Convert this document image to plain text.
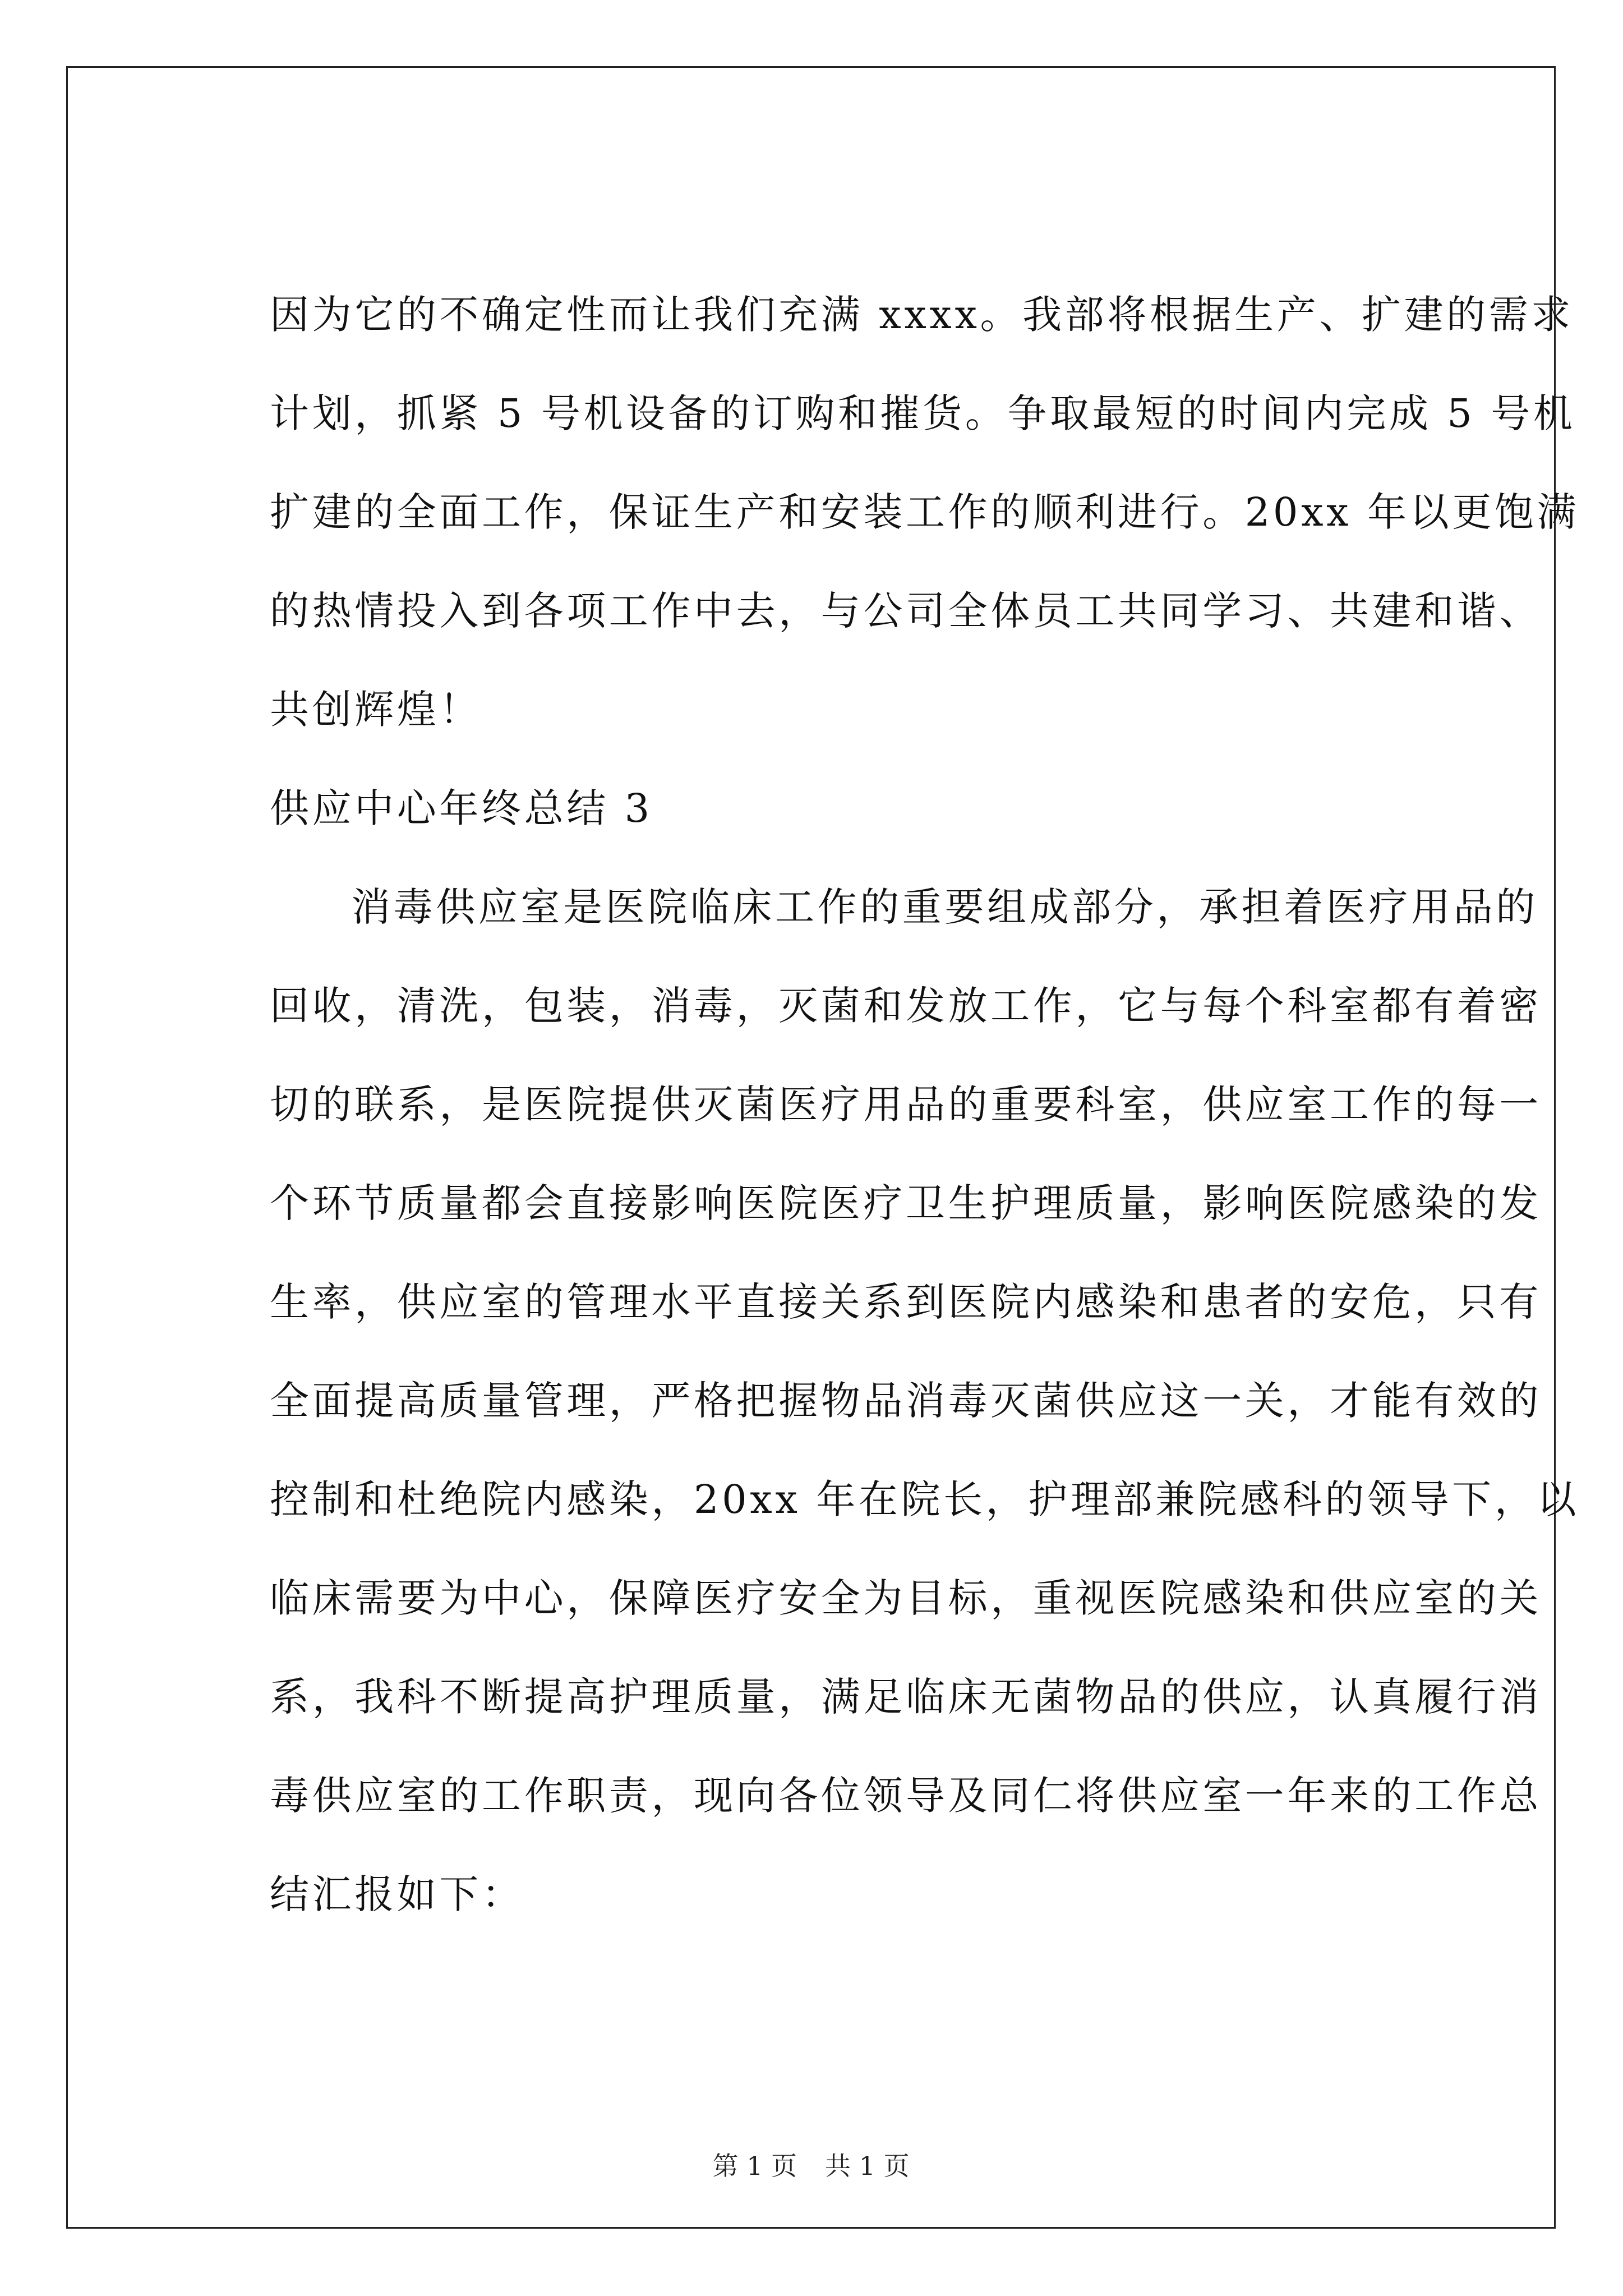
因为它的不确定性而让我们充满 xxxx。我部将根据生产、扩建的需求
计划，抓紧 5 号机设备的订购和摧货。争取最短的时间内完成 5 号机
扩建的全面工作，保证生产和安装工作的顺利进行。20xx 年以更饱满
的热情投入到各项工作中去，与公司全体员工共同学习、共建和谐、
共创辉煌！
供应中心年终总结 3
消毒供应室是医院临床工作的重要组成部分，承担着医疗用品的
回收，清洗，包装，消毒，灭菌和发放工作，它与每个科室都有着密
切的联系，是医院提供灭菌医疗用品的重要科室，供应室工作的每一
个环节质量都会直接影响医院医疗卫生护理质量，影响医院感染的发
生率，供应室的管理水平直接关系到医院内感染和患者的安危，只有
全面提高质量管理，严格把握物品消毒灭菌供应这一关，才能有效的
控制和杜绝院内感染，20xx 年在院长，护理部兼院感科的领导下，以
临床需要为中心，保障医疗安全为目标，重视医院感染和供应室的关
系，我科不断提高护理质量，满足临床无菌物品的供应，认真履行消
毒供应室的工作职责，现向各位领导及同仁将供应室一年来的工作总
结汇报如下：
第 1 页 共 1 页
